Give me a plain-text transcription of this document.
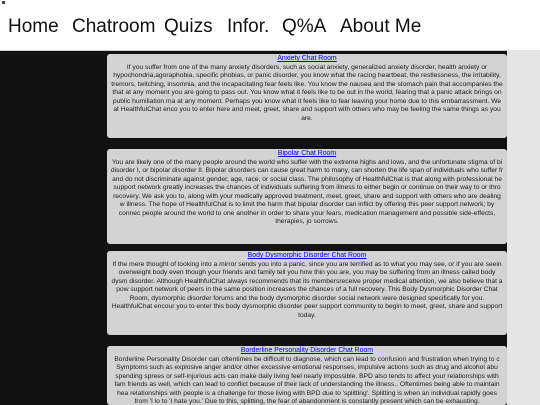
Home Chatroom Quizs Infor. Q%A About Me
Anxiety Chat Room

If you suffer from one of the many anxiety disorders, such as social anxiety, generalized anxiety disorder, health anxiety or hypochondria,agoraphobia, specific phobias, or panic disorder, you know what the racing heartbeat, the restlessness, the irritability, tremors, twitching, insomnia, and the incapacitating fear feels like. You know the nausea and the stomach pain that accompanies the that at any moment you are going to pass out. You know what it feels like to be out in the world, fearing that a panic attack brings on public humiliation ma at any moment. Perhaps you know what it feels like to fear leaving your home due to this embarrassment. We at HealthfulChat enco you to enter here and meet, greet, share and support with others who may be feeling the same things as you are.

Bipolar Chat Room

You are likely one of the many people around the world who suffer with the extreme highs and lows, and the unfortunate stigma of bi disorder I, or bipolar disorder II. Bipolar disorders can cause great harm to many, can shorten the life span of individuals who suffer fr and do not discriminate against gender, age, race, or social class. The philosophy of HealthfulChat is that along with professional he support network greatly increases the chances of individuals suffering from illness to either begin or continue on their way to or thro recovery. We ask you to, along with your medically approved treatment, meet, greet, share and support with others who are dealing w illness. The hope of HealthfulChat is to limit the harm that bipolar disorder can inflict by offering this peer support network; by connec people around the world to one another in order to share your fears, medication management and possible side-effects, therapies, jo sorrows.

Body Dysmorphic Disorder Chat Room

If the mere thought of looking into a mirror sends you into a panic, since you are terrified as to what you may see, or if you are seein overweight body even though your friends and family tell you how thin you are, you may be suffering from an illness called body dysm disorder. Although HealthfulChat always recommends that its membersreceive proper medical attention, we also believe that a pow support network of peers in the same position increases the chances of a full recovery. This Body Dysmorphic Disorder Chat Room, dysmorphic disorder forums and the body dysmorphic disorder social network were designed specifically for you. HealthfulChat encour you to enter this body dysmorphic disorder peer support community to begin to meet, greet, share and support today.

Borderline Personality Disorder Chat Room

Borderline Personality Disorder can oftentimes be difficult to diagnose, which can lead to confusion and frustration when trying to c Symptoms such as explosive anger and/or other excessive emotional responses, impulsive actions such as drug and alcohol abu spending sprees or self-injurious acts can make daily living feel nearly impossible. BPD also tends to affect your relationships with fam friends as well, which can lead to conflict because of their lack of understanding the illness.. Oftentimes being able to maintain hea relationships with people is a challenge for those living with BPD due to 'splitting'. Splitting is when an individual rapidly goes from 'I lo to 'I hate you.' Due to this, splitting, the fear of abandonment is constantly present which can be exhausting.
